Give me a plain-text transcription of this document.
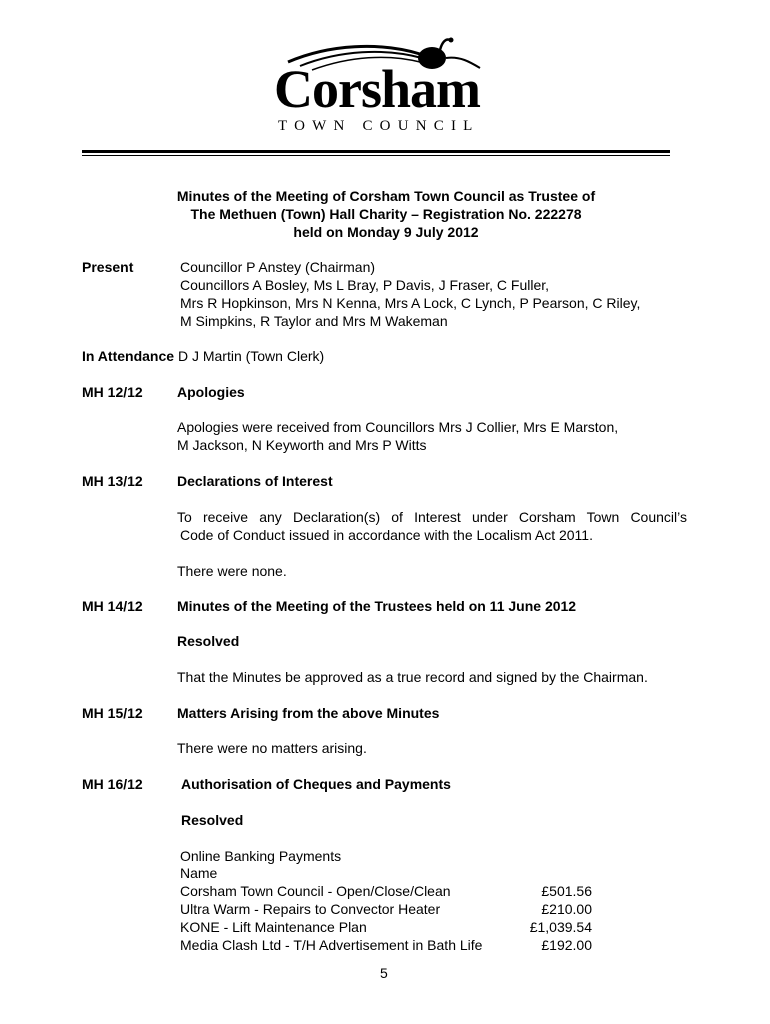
Corsham
TOWN COUNCIL
Minutes of the Meeting of Corsham Town Council as Trustee of
The Methuen (Town) Hall Charity – Registration No. 222278
held on Monday 9 July 2012
Present	Councillor P Anstey (Chairman)
Councillors A Bosley, Ms L Bray, P Davis, J Fraser, C Fuller,
Mrs R Hopkinson, Mrs N Kenna, Mrs A Lock, C Lynch, P Pearson, C Riley,
M Simpkins, R Taylor and Mrs M Wakeman
In Attendance D J Martin (Town Clerk)
MH 12/12 Apologies
Apologies were received from Councillors Mrs J Collier, Mrs E Marston,
M Jackson, N Keyworth and Mrs P Witts
MH 13/12 Declarations of Interest
To receive any Declaration(s) of Interest under Corsham Town Council’s
Code of Conduct issued in accordance with the Localism Act 2011.
There were none.
MH 14/12 Minutes of the Meeting of the Trustees held on 11 June 2012
Resolved
That the Minutes be approved as a true record and signed by the Chairman.
MH 15/12 Matters Arising from the above Minutes
There were no matters arising.
MH 16/12	Authorisation of Cheques and Payments
Resolved
Online Banking Payments
Name
Corsham Town Council - Open/Close/Clean	£501.56
Ultra Warm - Repairs to Convector Heater	£210.00
KONE - Lift Maintenance Plan	£1,039.54
Media Clash Ltd - T/H Advertisement in Bath Life	£192.00
5
